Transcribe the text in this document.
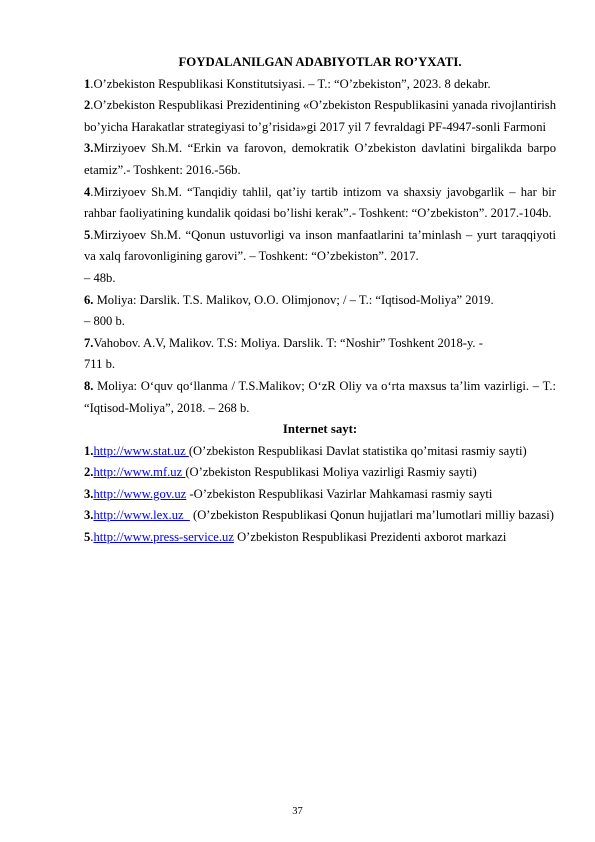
FOYDALANILGAN ADABIYOTLAR RO’YXATI.

1.O’zbekiston Respublikasi Konstitutsiyasi. – T.: “O’zbekiston”, 2023. 8 dekabr.

2.O’zbekiston Respublikasi Prezidentining «O’zbekiston Respublikasini yanada rivojlantirish bo’yicha Harakatlar strategiyasi to’g’risida»gi 2017 yil 7 fevraldagi PF-4947-sonli Farmoni

3.Mirziyoev Sh.M. “Erkin va farovon, demokratik O’zbekiston davlatini birgalikda barpo etamiz”.- Toshkent: 2016.-56b.

4.Mirziyoev Sh.M. “Tanqidiy tahlil, qat’iy tartib intizom va shaxsiy javobgarlik – har bir rahbar faoliyatining kundalik qoidasi bo’lishi kerak”.- Toshkent: “O’zbekiston”. 2017.-104b.

5.Mirziyoev Sh.M. “Qonun ustuvorligi va inson manfaatlarini ta’minlash – yurt taraqqiyoti va xalq farovonligining garovi”. – Toshkent: “O’zbekiston”. 2017.

– 48b.

6. Moliya: Darslik. T.S. Malikov, O.O. Olimjonov; / – T.: “Iqtisod-Moliya” 2019.

– 800 b.

7.Vahobov. A.V, Malikov. T.S: Moliya. Darslik. T: “Noshir” Toshkent 2018-y. -

711 b.

8. Moliya: O‘quv qo‘llanma / T.S.Malikov; O‘zR Oliy va o‘rta maxsus ta’lim vazirligi. – T.: “Iqtisod-Moliya”, 2018. – 268 b.

Internet sayt:

1.http://www.stat.uz (O’zbekiston Respublikasi Davlat statistika qo’mitasi rasmiy sayti)

2.http://www.mf.uz (O’zbekiston Respublikasi Moliya vazirligi Rasmiy sayti)

3.http://www.gov.uz -O’zbekiston Respublikasi Vazirlar Mahkamasi rasmiy sayti

3.http://www.lex.uz   (O’zbekiston Respublikasi Qonun hujjatlari ma’lumotlari milliy bazasi)

5.http://www.press-service.uz O’zbekiston Respublikasi Prezidenti axborot markazi

37
